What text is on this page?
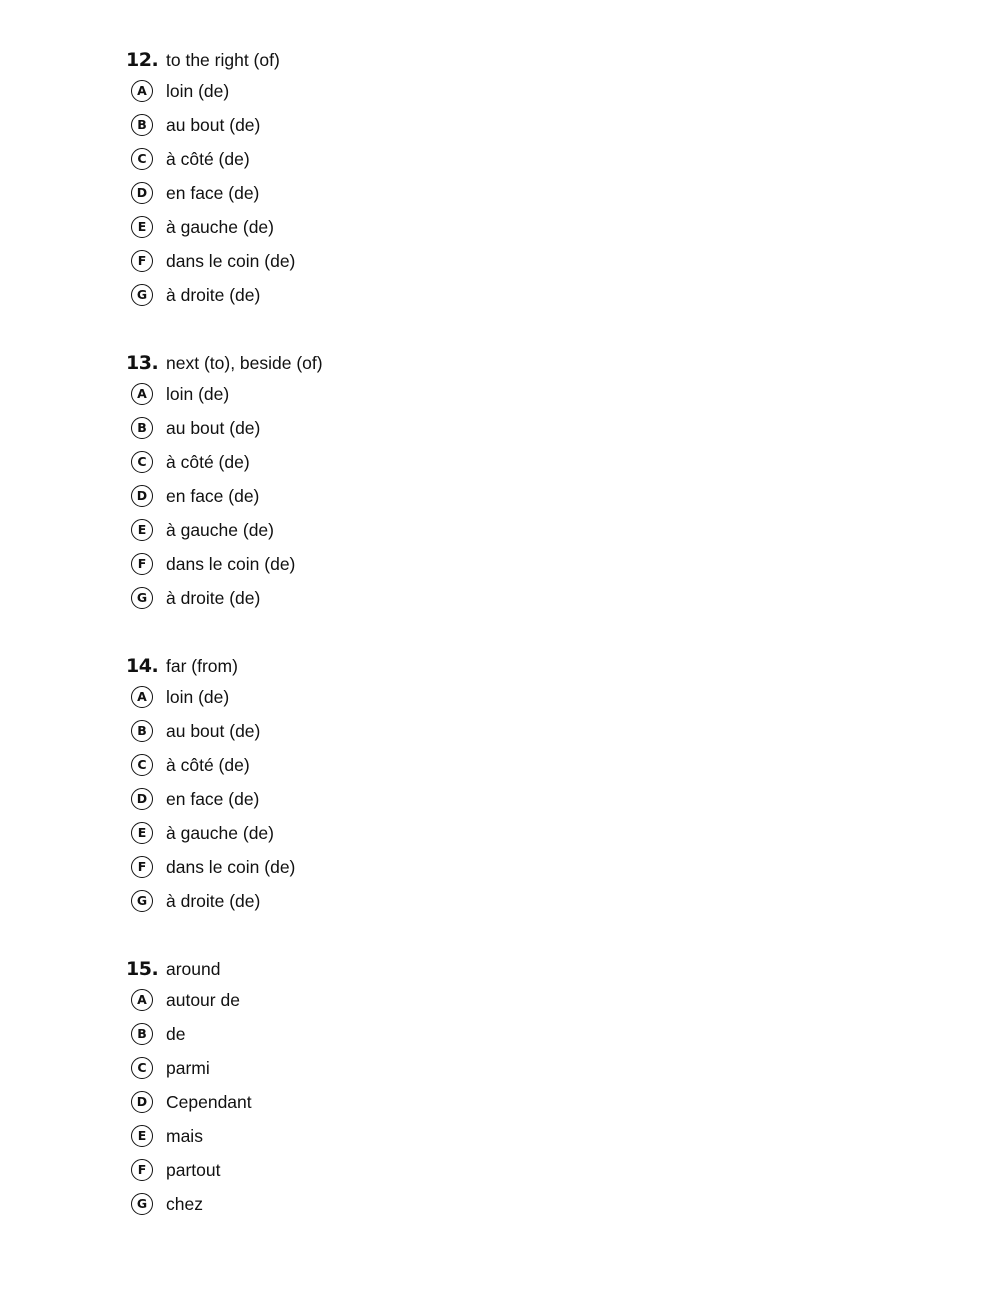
12. to the right (of)
A	loin (de)
B	au bout (de)
C	à côté (de)
D	en face (de)
E	à gauche (de)
F	dans le coin (de)
G	à droite (de)
13. next (to), beside (of)
A	loin (de)
B	au bout (de)
C	à côté (de)
D	en face (de)
E	à gauche (de)
F	dans le coin (de)
G	à droite (de)
14. far (from)
A	loin (de)
B	au bout (de)
C	à côté (de)
D	en face (de)
E	à gauche (de)
F	dans le coin (de)
G	à droite (de)
15. around
A	autour de
B	de
C	parmi
D	Cependant
E	mais
F	partout
G	chez
